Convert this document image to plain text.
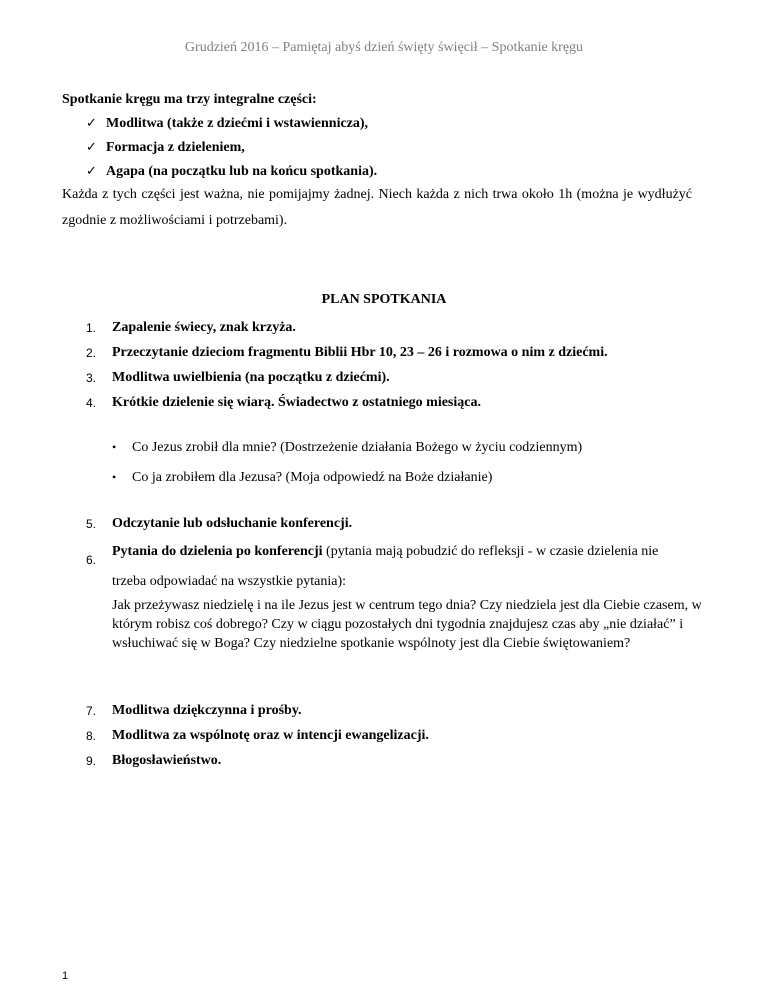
Grudzień 2016 – Pamiętaj abyś dzień święty święcił – Spotkanie kręgu
Spotkanie kręgu ma trzy integralne części:
✓ Modlitwa (także z dziećmi i wstawiennicza),
✓ Formacja z dzieleniem,
✓ Agapa (na początku lub na końcu spotkania).
Każda z tych części jest ważna, nie pomijajmy żadnej. Niech każda z nich trwa około 1h (można je wydłużyć zgodnie z możliwościami i potrzebami).
PLAN SPOTKANIA
1. Zapalenie świecy, znak krzyża.
2. Przeczytanie dzieciom fragmentu Biblii Hbr 10, 23 – 26 i rozmowa o nim z dziećmi.
3. Modlitwa uwielbienia (na początku z dziećmi).
4. Krótkie dzielenie się wiarą. Świadectwo z ostatniego miesiąca.
• Co Jezus zrobił dla mnie? (Dostrzeżenie działania Bożego w życiu codziennym)
• Co ja zrobiłem dla Jezusa? (Moja odpowiedź na Boże działanie)
5. Odczytanie lub odsłuchanie konferencji.
6.
Pytania do dzielenia po konferencji (pytania mają pobudzić do refleksji - w czasie dzielenia nie trzeba odpowiadać na wszystkie pytania):
Jak przeżywasz niedzielę i na ile Jezus jest w centrum tego dnia? Czy niedziela jest dla Ciebie czasem, w którym robisz coś dobrego? Czy w ciągu pozostałych dni tygodnia znajdujesz czas aby „nie działać” i wsłuchiwać się w Boga? Czy niedzielne spotkanie wspólnoty jest dla Ciebie świętowaniem?
7. Modlitwa dziękczynna i prośby.
8. Modlitwa za wspólnotę oraz w intencji ewangelizacji.
9. Błogosławieństwo.
1
